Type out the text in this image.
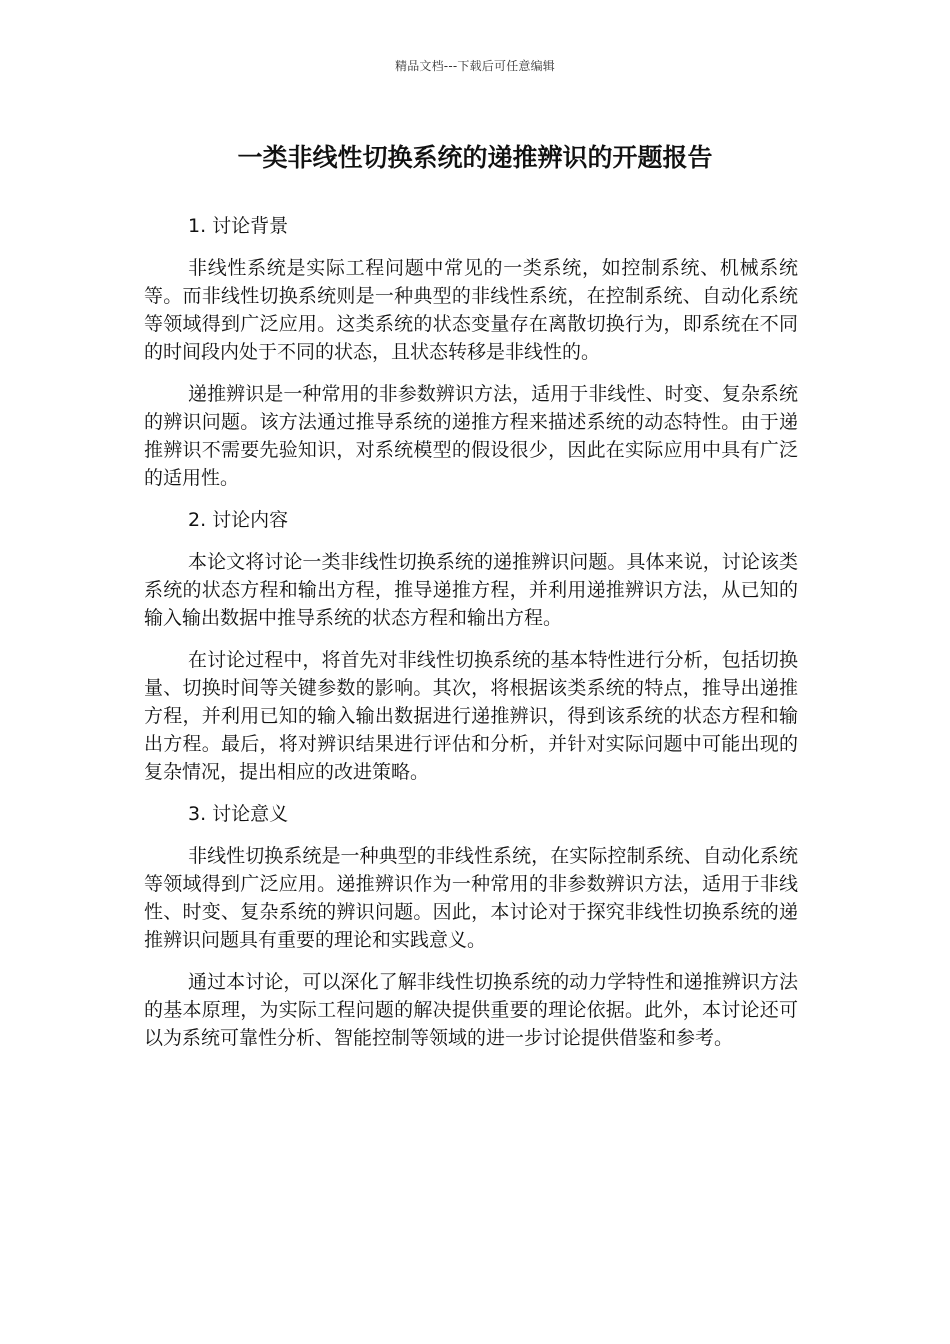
精品文档---下载后可任意编辑
一类非线性切换系统的递推辨识的开题报告

1. 讨论背景

非线性系统是实际工程问题中常见的一类系统，如控制系统、机械系统等。而非线性切换系统则是一种典型的非线性系统，在控制系统、自动化系统等领域得到广泛应用。这类系统的状态变量存在离散切换行为，即系统在不同的时间段内处于不同的状态，且状态转移是非线性的。

递推辨识是一种常用的非参数辨识方法，适用于非线性、时变、复杂系统的辨识问题。该方法通过推导系统的递推方程来描述系统的动态特性。由于递推辨识不需要先验知识，对系统模型的假设很少，因此在实际应用中具有广泛的适用性。

2. 讨论内容

本论文将讨论一类非线性切换系统的递推辨识问题。具体来说，讨论该类系统的状态方程和输出方程，推导递推方程，并利用递推辨识方法，从已知的输入输出数据中推导系统的状态方程和输出方程。

在讨论过程中，将首先对非线性切换系统的基本特性进行分析，包括切换量、切换时间等关键参数的影响。其次，将根据该类系统的特点，推导出递推方程，并利用已知的输入输出数据进行递推辨识，得到该系统的状态方程和输出方程。最后，将对辨识结果进行评估和分析，并针对实际问题中可能出现的复杂情况，提出相应的改进策略。

3. 讨论意义

非线性切换系统是一种典型的非线性系统，在实际控制系统、自动化系统等领域得到广泛应用。递推辨识作为一种常用的非参数辨识方法，适用于非线性、时变、复杂系统的辨识问题。因此，本讨论对于探究非线性切换系统的递推辨识问题具有重要的理论和实践意义。

通过本讨论，可以深化了解非线性切换系统的动力学特性和递推辨识方法的基本原理，为实际工程问题的解决提供重要的理论依据。此外，本讨论还可以为系统可靠性分析、智能控制等领域的进一步讨论提供借鉴和参考。
